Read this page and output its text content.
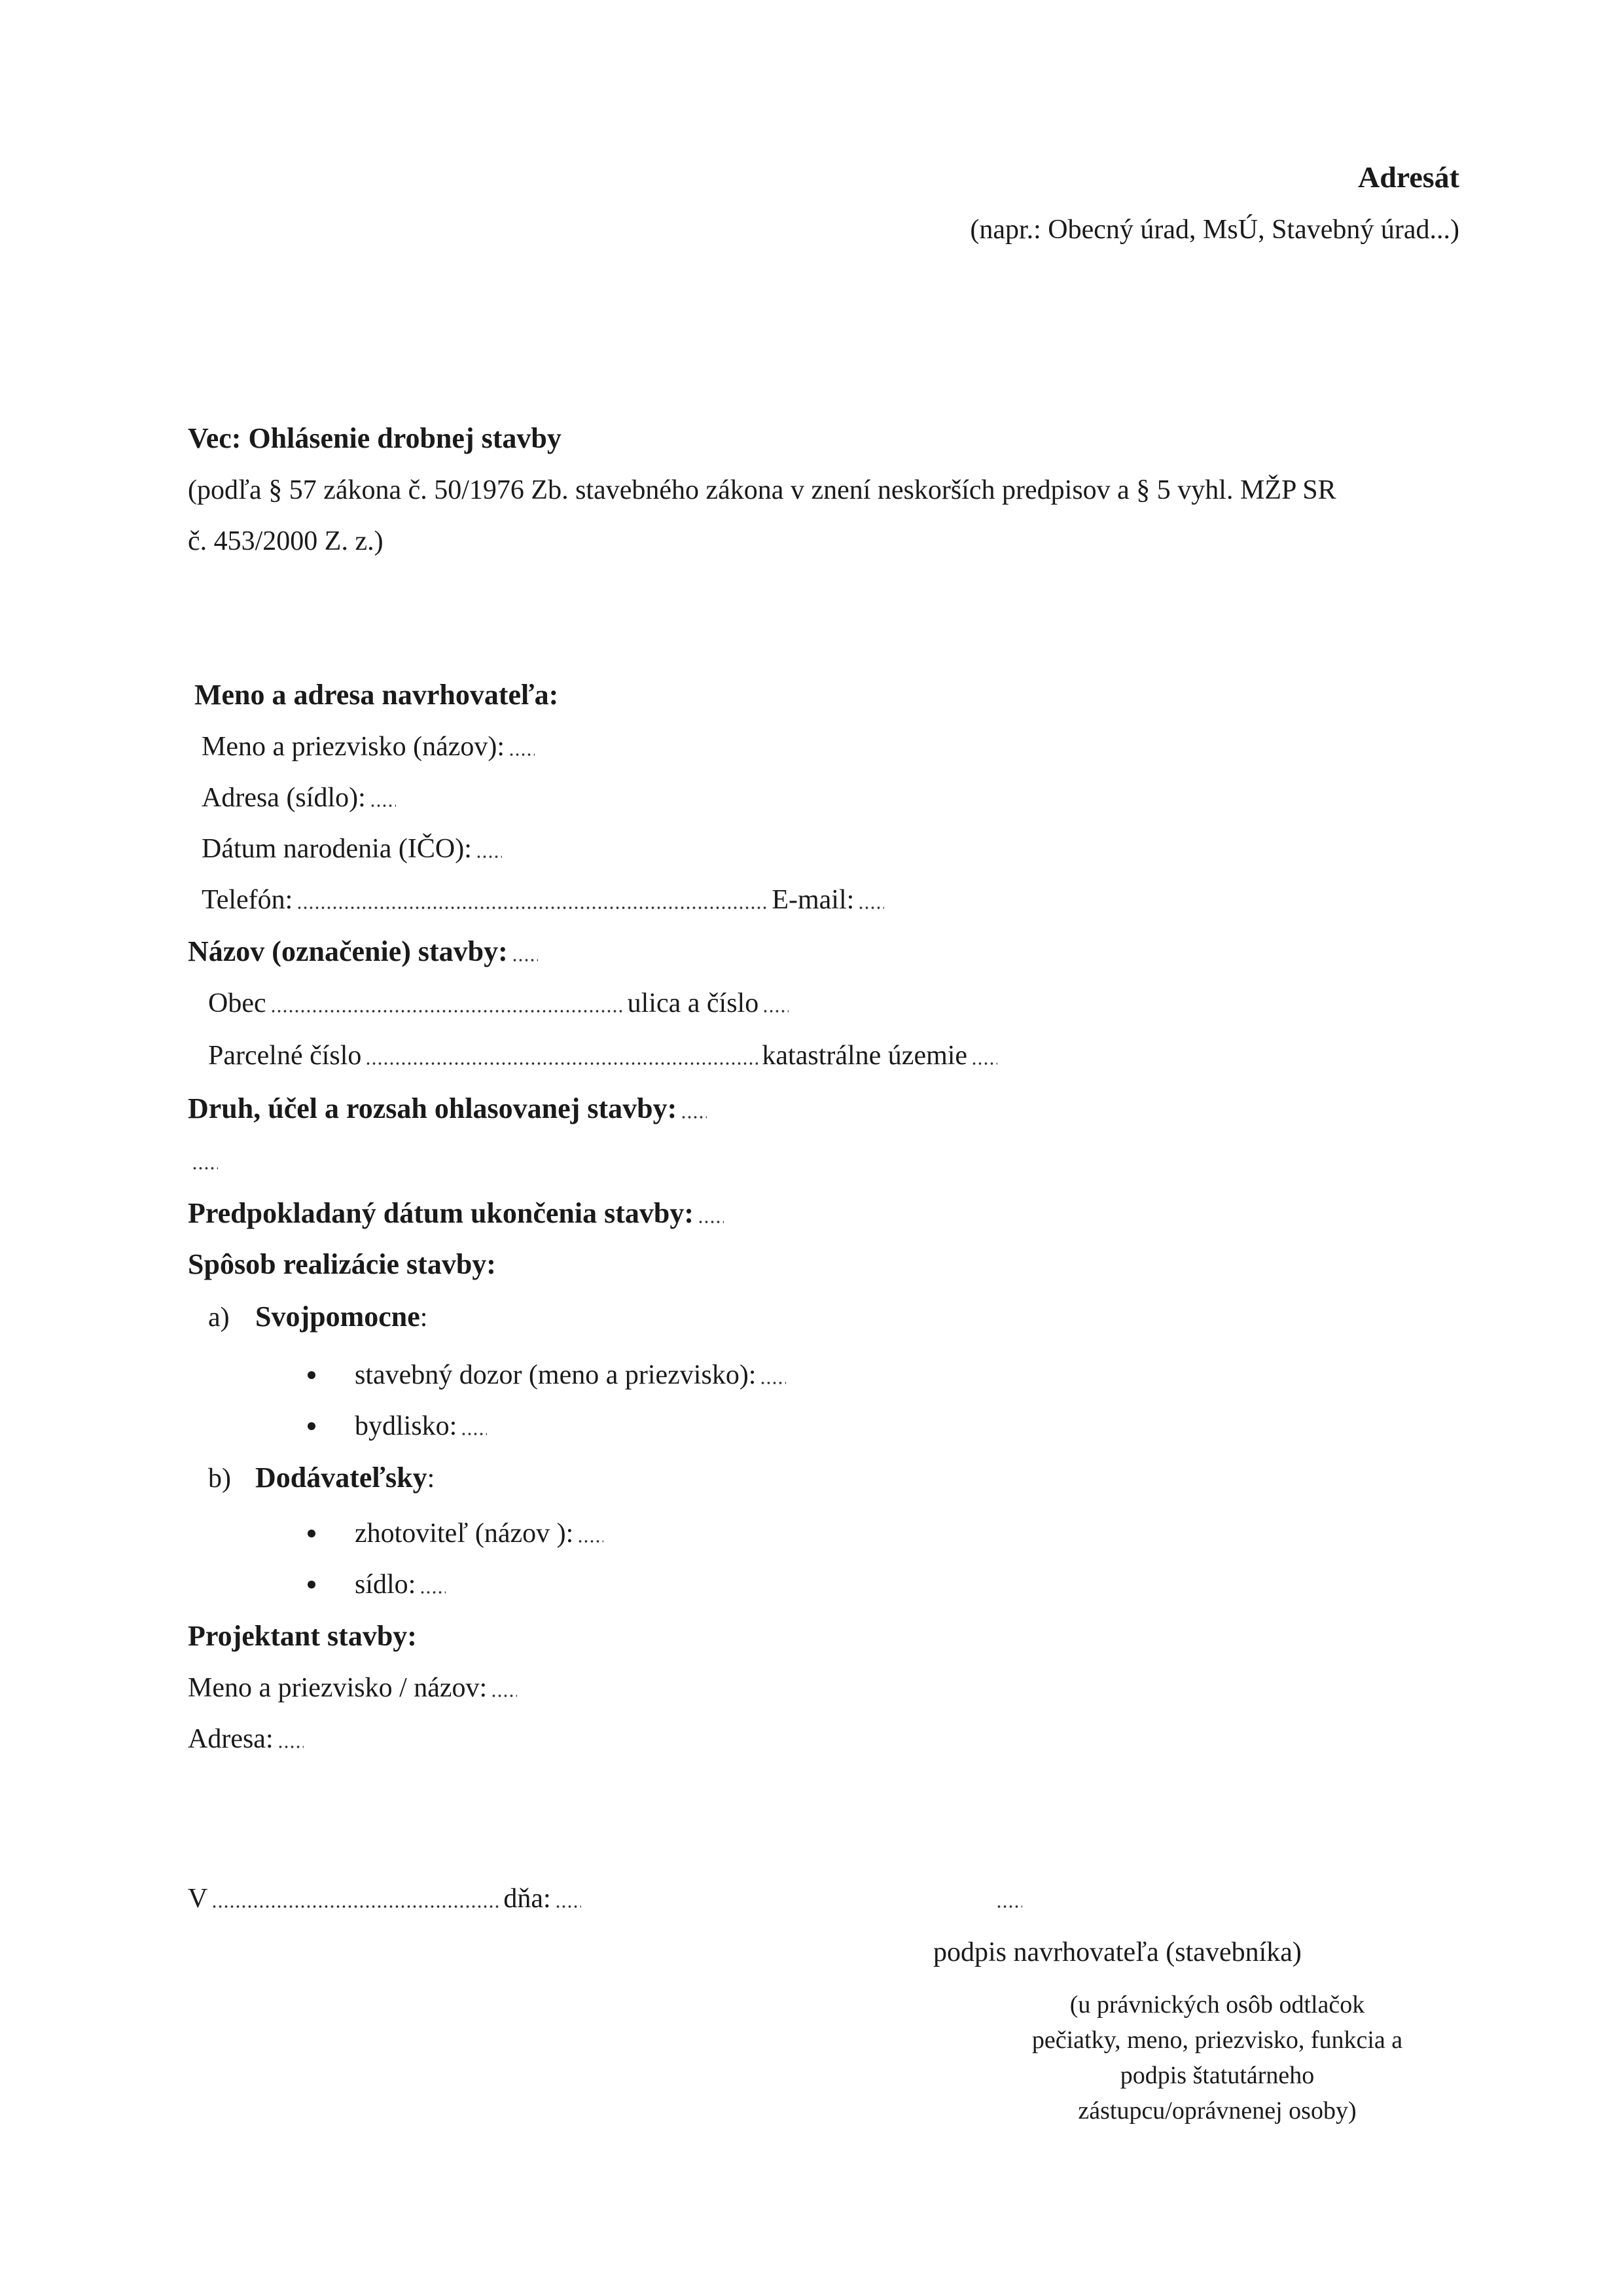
Adresát
(napr.: Obecný úrad, MsÚ, Stavebný úrad...)
Vec: Ohlásenie drobnej stavby
(podľa § 57 zákona č. 50/1976 Zb. stavebného zákona v znení neskorších predpisov a § 5 vyhl. MŽP SR
č. 453/2000 Z. z.)
Meno a adresa navrhovateľa:
Meno a priezvisko (názov):
Adresa (sídlo):
Dátum narodenia (IČO):
Telefón:	E-mail:
Názov (označenie) stavby:
Obec	ulica a číslo
Parcelné číslo	katastrálne územie
Druh, účel a rozsah ohlasovanej stavby:
Predpokladaný dátum ukončenia stavby:
Spôsob realizácie stavby:
a) Svojpomocne :
stavebný dozor (meno a priezvisko):
bydlisko:
b) Dodávateľsky :
zhotoviteľ (názov ):
sídlo:
Projektant stavby:
Meno a priezvisko / názov:
Adresa:
V	dňa:
podpis navrhovateľa (stavebníka)
(u právnických osôb odtlačok
pečiatky, meno, priezvisko, funkcia a
podpis štatutárneho
zástupcu/oprávnenej osoby)
